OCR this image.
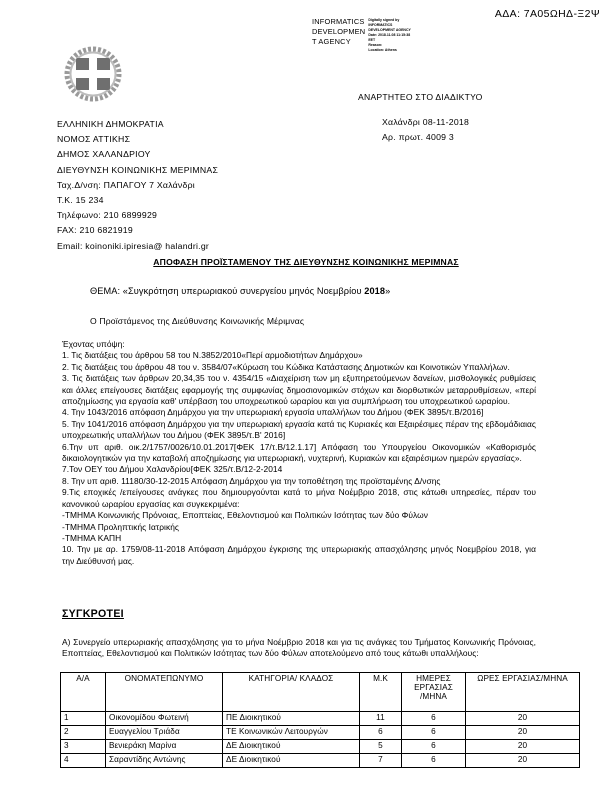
ΑΔΑ: 7Α05ΩΗΔ-Ξ2Ψ
INFORMATICS
DEVELOPMEN
T AGENCY
Digitally signed by
INFORMATICS
DEVELOPMENT AGENCY
Date: 2018.11.08 11:15:38
EET
Reason:
Location: Athens
ΑΝΑΡΤΗΤΕΟ ΣΤΟ ΔΙΑΔΙΚΤΥΟ
ΕΛΛΗΝΙΚΗ ΔΗΜΟΚΡΑΤΙΑ
ΝΟΜΟΣ ΑΤΤΙΚΗΣ
ΔΗΜΟΣ ΧΑΛΑΝΔΡΙΟΥ
ΔΙΕΥΘΥΝΣΗ ΚΟΙΝΩΝΙΚΗΣ ΜΕΡΙΜΝΑΣ
Ταχ.Δ/νση: ΠΑΠΑΓΟΥ 7 Χαλάνδρι
Τ.Κ. 15 234
Τηλέφωνο: 210 6899929
FAX: 210 6821919
Email: koinoniki.ipiresia@ halandri.gr
Χαλάνδρι 08-11-2018
Αρ. πρωτ. 4009 3
ΑΠΟΦΑΣΗ ΠΡΟΪΣΤΑΜΕΝΟΥ ΤΗΣ ΔΙΕΥΘΥΝΣΗΣ ΚΟΙΝΩΝΙΚΗΣ ΜΕΡΙΜΝΑΣ
ΘΕΜΑ: «Συγκρότηση υπερωριακού συνεργείου μηνός Νοεμβρίου 2018»
Ο Προϊστάμενος της Διεύθυνσης Κοινωνικής Μέριμνας

Έχοντας υπόψη:

1. Τις διατάξεις του άρθρου 58 του Ν.3852/2010«Περί αρμοδιοτήτων Δημάρχου»

2. Τις διατάξεις του άρθρου 48 του ν. 3584/07«Κύρωση του Κώδικα Κατάστασης Δημοτικών και Κοινοτικών Υπαλλήλων.

3. Τις διατάξεις των άρθρων 20,34,35 του ν. 4354/15 «Διαχείριση των μη εξυπηρετούμενων δανείων, μισθολογικές ρυθμίσεις και άλλες επείγουσες διατάξεις εφαρμογής της συμφωνίας δημοσιονομικών στόχων και διορθωτικών μεταρρυθμίσεων, «περί αποζημίωσης για εργασία καθ' υπέρβαση του υποχρεωτικού ωραρίου και για συμπλήρωση του υποχρεωτικού ωραρίου.

4. Την 1043/2016 απόφαση Δημάρχου για την υπερωριακή εργασία υπαλλήλων του Δήμου (ΦΕΚ 3895/τ.Β/2016]

5. Την 1041/2016 απόφαση Δημάρχου για την υπερωριακή εργασία κατά τις Κυριακές και Εξαιρέσιμες πέραν της εβδομάδιαιας υποχρεωτικής υπαλλήλων του Δήμου (ΦΕΚ 3895/τ.Β' 2016]

6.Την υπ αριθ. οικ.2/1757/0026/10.01.2017[ΦΕΚ 17/τ.Β/12.1.17] Απόφαση του Υπουργείου Οικονομικών «Καθορισμός δικαιολογητικών για την καταβολή αποζημίωσης για υπερωριακή, νυχτερινή, Κυριακών και εξαιρέσιμων ημερών εργασίας».

7.Τον ΟΕΥ του Δήμου Χαλανδρίου[ΦΕΚ 325/τ.Β/12-2-2014

8. Την υπ αριθ. 11180/30-12-2015 Απόφαση Δημάρχου για την τοποθέτηση της προϊσταμένης Δ/νσης

9.Τις εποχικές /επείγουσες ανάγκες που δημιουργούνται κατά το μήνα Νοέμβριο 2018, στις κάτωθι υπηρεσίες, πέραν του κανονικού ωραρίου εργασίας και συγκεκριμένα:

-ΤΜΗΜΑ Κοινωνικής Πρόνοιας, Εποπτείας, Εθελοντισμού και Πολιτικών Ισότητας των δύο Φύλων

-ΤΜΗΜΑ Προληπτικής Ιατρικής

-ΤΜΗΜΑ ΚΑΠΗ

10. Την με αρ. 1759/08-11-2018 Απόφαση Δημάρχου έγκρισης της υπερωριακής απασχόλησης μηνός Νοεμβρίου 2018, για την Διεύθυνσή μας.

ΣΥΓΚΡΟΤΕΙ
Α) Συνεργείο υπερωριακής απασχόλησης για το μήνα Νοέμβριο 2018 και για τις ανάγκες του Τμήματος Κοινωνικής Πρόνοιας, Εποπτείας, Εθελοντισμού και Πολιτικών Ισότητας των δύο Φύλων αποτελούμενο από τους κάτωθι υπαλλήλους:
Α/Α	ΟΝΟΜΑΤΕΠΩΝΥΜΟ	ΚΑΤΗΓΟΡΙΑ/ ΚΛΑΔΟΣ	Μ.Κ	ΗΜΕΡΕΣ
ΕΡΓΑΣΙΑΣ
/ΜΗΝΑ	ΩΡΕΣ ΕΡΓΑΣΙΑΣ/ΜΗΝΑ
1	Οικονομίδου Φωτεινή	ΠΕ Διοικητικού	11	6	20
2	Ευαγγελίου Τριάδα	ΤΕ Κοινωνικών Λειτουργών	6	6	20
3	Βενιεράκη Μαρίνα	ΔΕ Διοικητικού	5	6	20
4	Σαραντίδης Αντώνης	ΔΕ Διοικητικού	7	6	20
